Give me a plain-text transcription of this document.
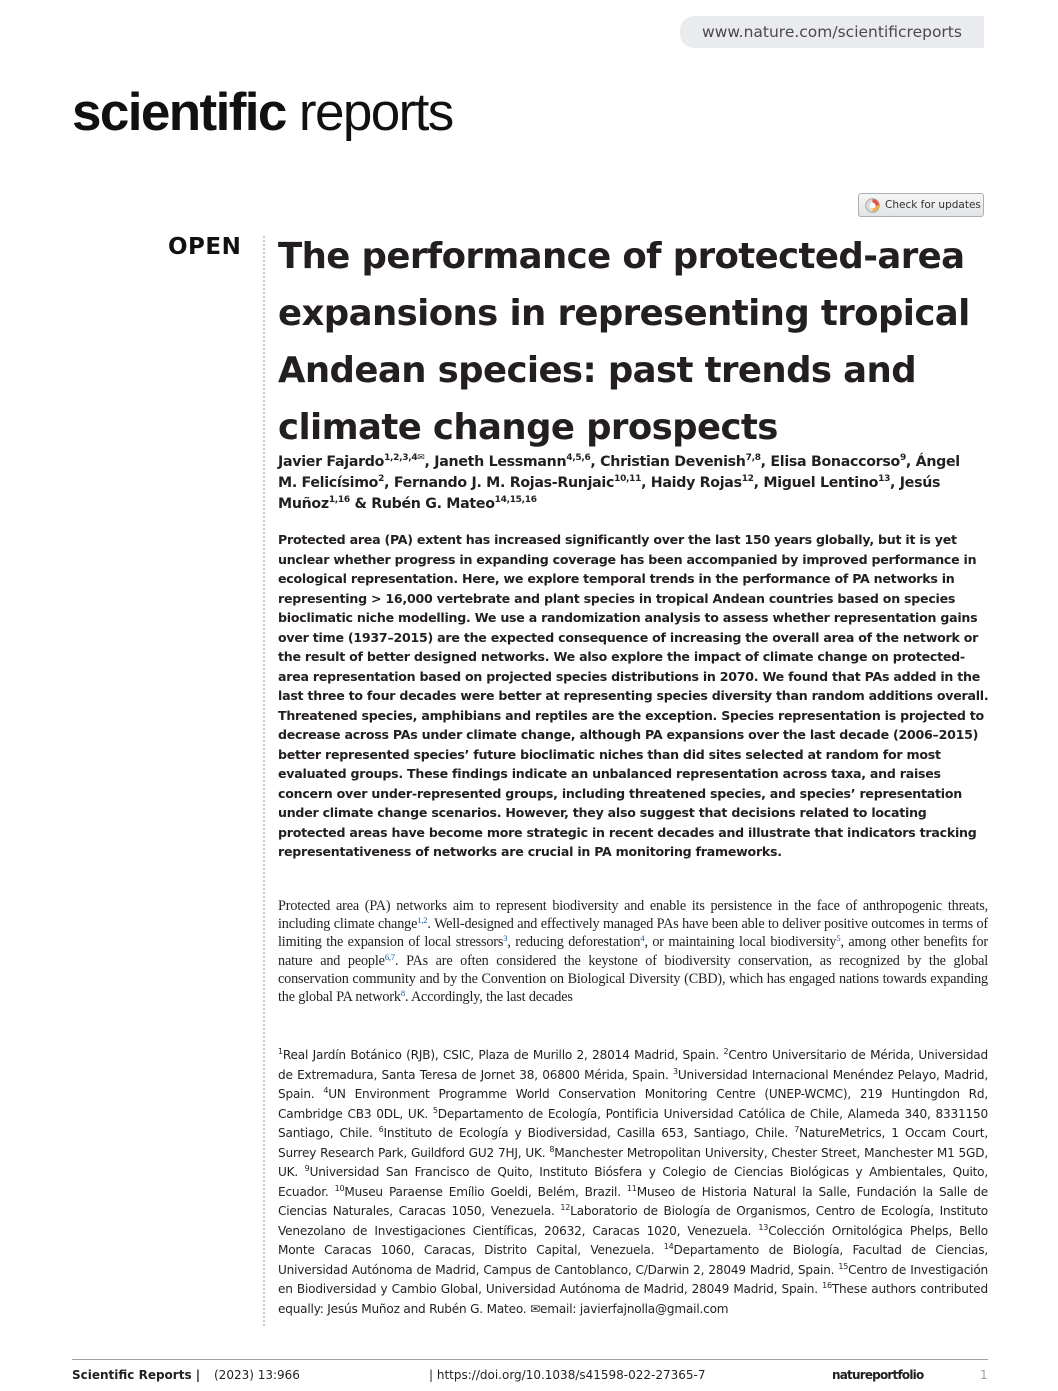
www.nature.com/scientificreports
scientific reports
Check for updates
OPEN The performance of protected-area expansions in representing tropical Andean species: past trends and climate change prospects

Javier Fajardo$^{1,2,3,4✉}$, Janeth Lessmann$^{4,5,6}$, Christian Devenish$^{7,8}$, Elisa Bonaccorso$^9$, Ángel M. Felicísimo$^2$, Fernando J. M. Rojas-Runjaic$^{10,11}$, Haidy Rojas$^{12}$, Miguel Lentino$^{13}$, Jesús Muñoz$^{1,16}$ & Rubén G. Mateo$^{14,15,16}$

Protected area (PA) extent has increased significantly over the last 150 years globally, but it is yet unclear whether progress in expanding coverage has been accompanied by improved performance in ecological representation. Here, we explore temporal trends in the performance of PA networks in representing > 16,000 vertebrate and plant species in tropical Andean countries based on species bioclimatic niche modelling. We use a randomization analysis to assess whether representation gains over time (1937–2015) are the expected consequence of increasing the overall area of the network or the result of better designed networks. We also explore the impact of climate change on protected-area representation based on projected species distributions in 2070. We found that PAs added in the last three to four decades were better at representing species diversity than random additions overall. Threatened species, amphibians and reptiles are the exception. Species representation is projected to decrease across PAs under climate change, although PA expansions over the last decade (2006–2015) better represented species’ future bioclimatic niches than did sites selected at random for most evaluated groups. These findings indicate an unbalanced representation across taxa, and raises concern over under-represented groups, including threatened species, and species’ representation under climate change scenarios. However, they also suggest that decisions related to locating protected areas have become more strategic in recent decades and illustrate that indicators tracking representativeness of networks are crucial in PA monitoring frameworks.

Protected area (PA) networks aim to represent biodiversity and enable its persistence in the face of anthropogenic threats, including climate change$^{1,2}$. Well-designed and effectively managed PAs have been able to deliver positive outcomes in terms of limiting the expansion of local stressors$^3$, reducing deforestation$^4$, or maintaining local biodiversity$^5$, among other benefits for nature and people$^{6,7}$. PAs are often considered the keystone of biodiversity conservation, as recognized by the global conservation community and by the Convention on Biological Diversity (CBD), which has engaged nations towards expanding the global PA network$^8$. Accordingly, the last decades

$^1$Real Jardín Botánico (RJB), CSIC, Plaza de Murillo 2, 28014 Madrid, Spain. $^2$Centro Universitario de Mérida, Universidad de Extremadura, Santa Teresa de Jornet 38, 06800 Mérida, Spain. $^3$Universidad Internacional Menéndez Pelayo, Madrid, Spain. $^4$UN Environment Programme World Conservation Monitoring Centre (UNEP-WCMC), 219 Huntingdon Rd, Cambridge CB3 0DL, UK. $^5$Departamento de Ecología, Pontificia Universidad Católica de Chile, Alameda 340, 8331150 Santiago, Chile. $^6$Instituto de Ecología y Biodiversidad, Casilla 653, Santiago, Chile. $^7$NatureMetrics, 1 Occam Court, Surrey Research Park, Guildford GU2 7HJ, UK. $^8$Manchester Metropolitan University, Chester Street, Manchester M1 5GD, UK. $^9$Universidad San Francisco de Quito, Instituto Biósfera y Colegio de Ciencias Biológicas y Ambientales, Quito, Ecuador. $^{10}$Museu Paraense Emílio Goeldi, Belém, Brazil. $^{11}$Museo de Historia Natural la Salle, Fundación la Salle de Ciencias Naturales, Caracas 1050, Venezuela. $^{12}$Laboratorio de Biología de Organismos, Centro de Ecología, Instituto Venezolano de Investigaciones Científicas, 20632, Caracas 1020, Venezuela. $^{13}$Colección Ornitológica Phelps, Bello Monte Caracas 1060, Caracas, Distrito Capital, Venezuela. $^{14}$Departamento de Biología, Facultad de Ciencias, Universidad Autónoma de Madrid, Campus de Cantoblanco, C/Darwin 2, 28049 Madrid, Spain. $^{15}$Centro de Investigación en Biodiversidad y Cambio Global, Universidad Autónoma de Madrid, 28049 Madrid, Spain. $^{16}$These authors contributed equally: Jesús Muñoz and Rubén G. Mateo. ✉email: javierfajnolla@gmail.com

Scientific Reports | (2023) 13:966	| https://doi.org/10.1038/s41598-022-27365-7	natureportfolio	1
